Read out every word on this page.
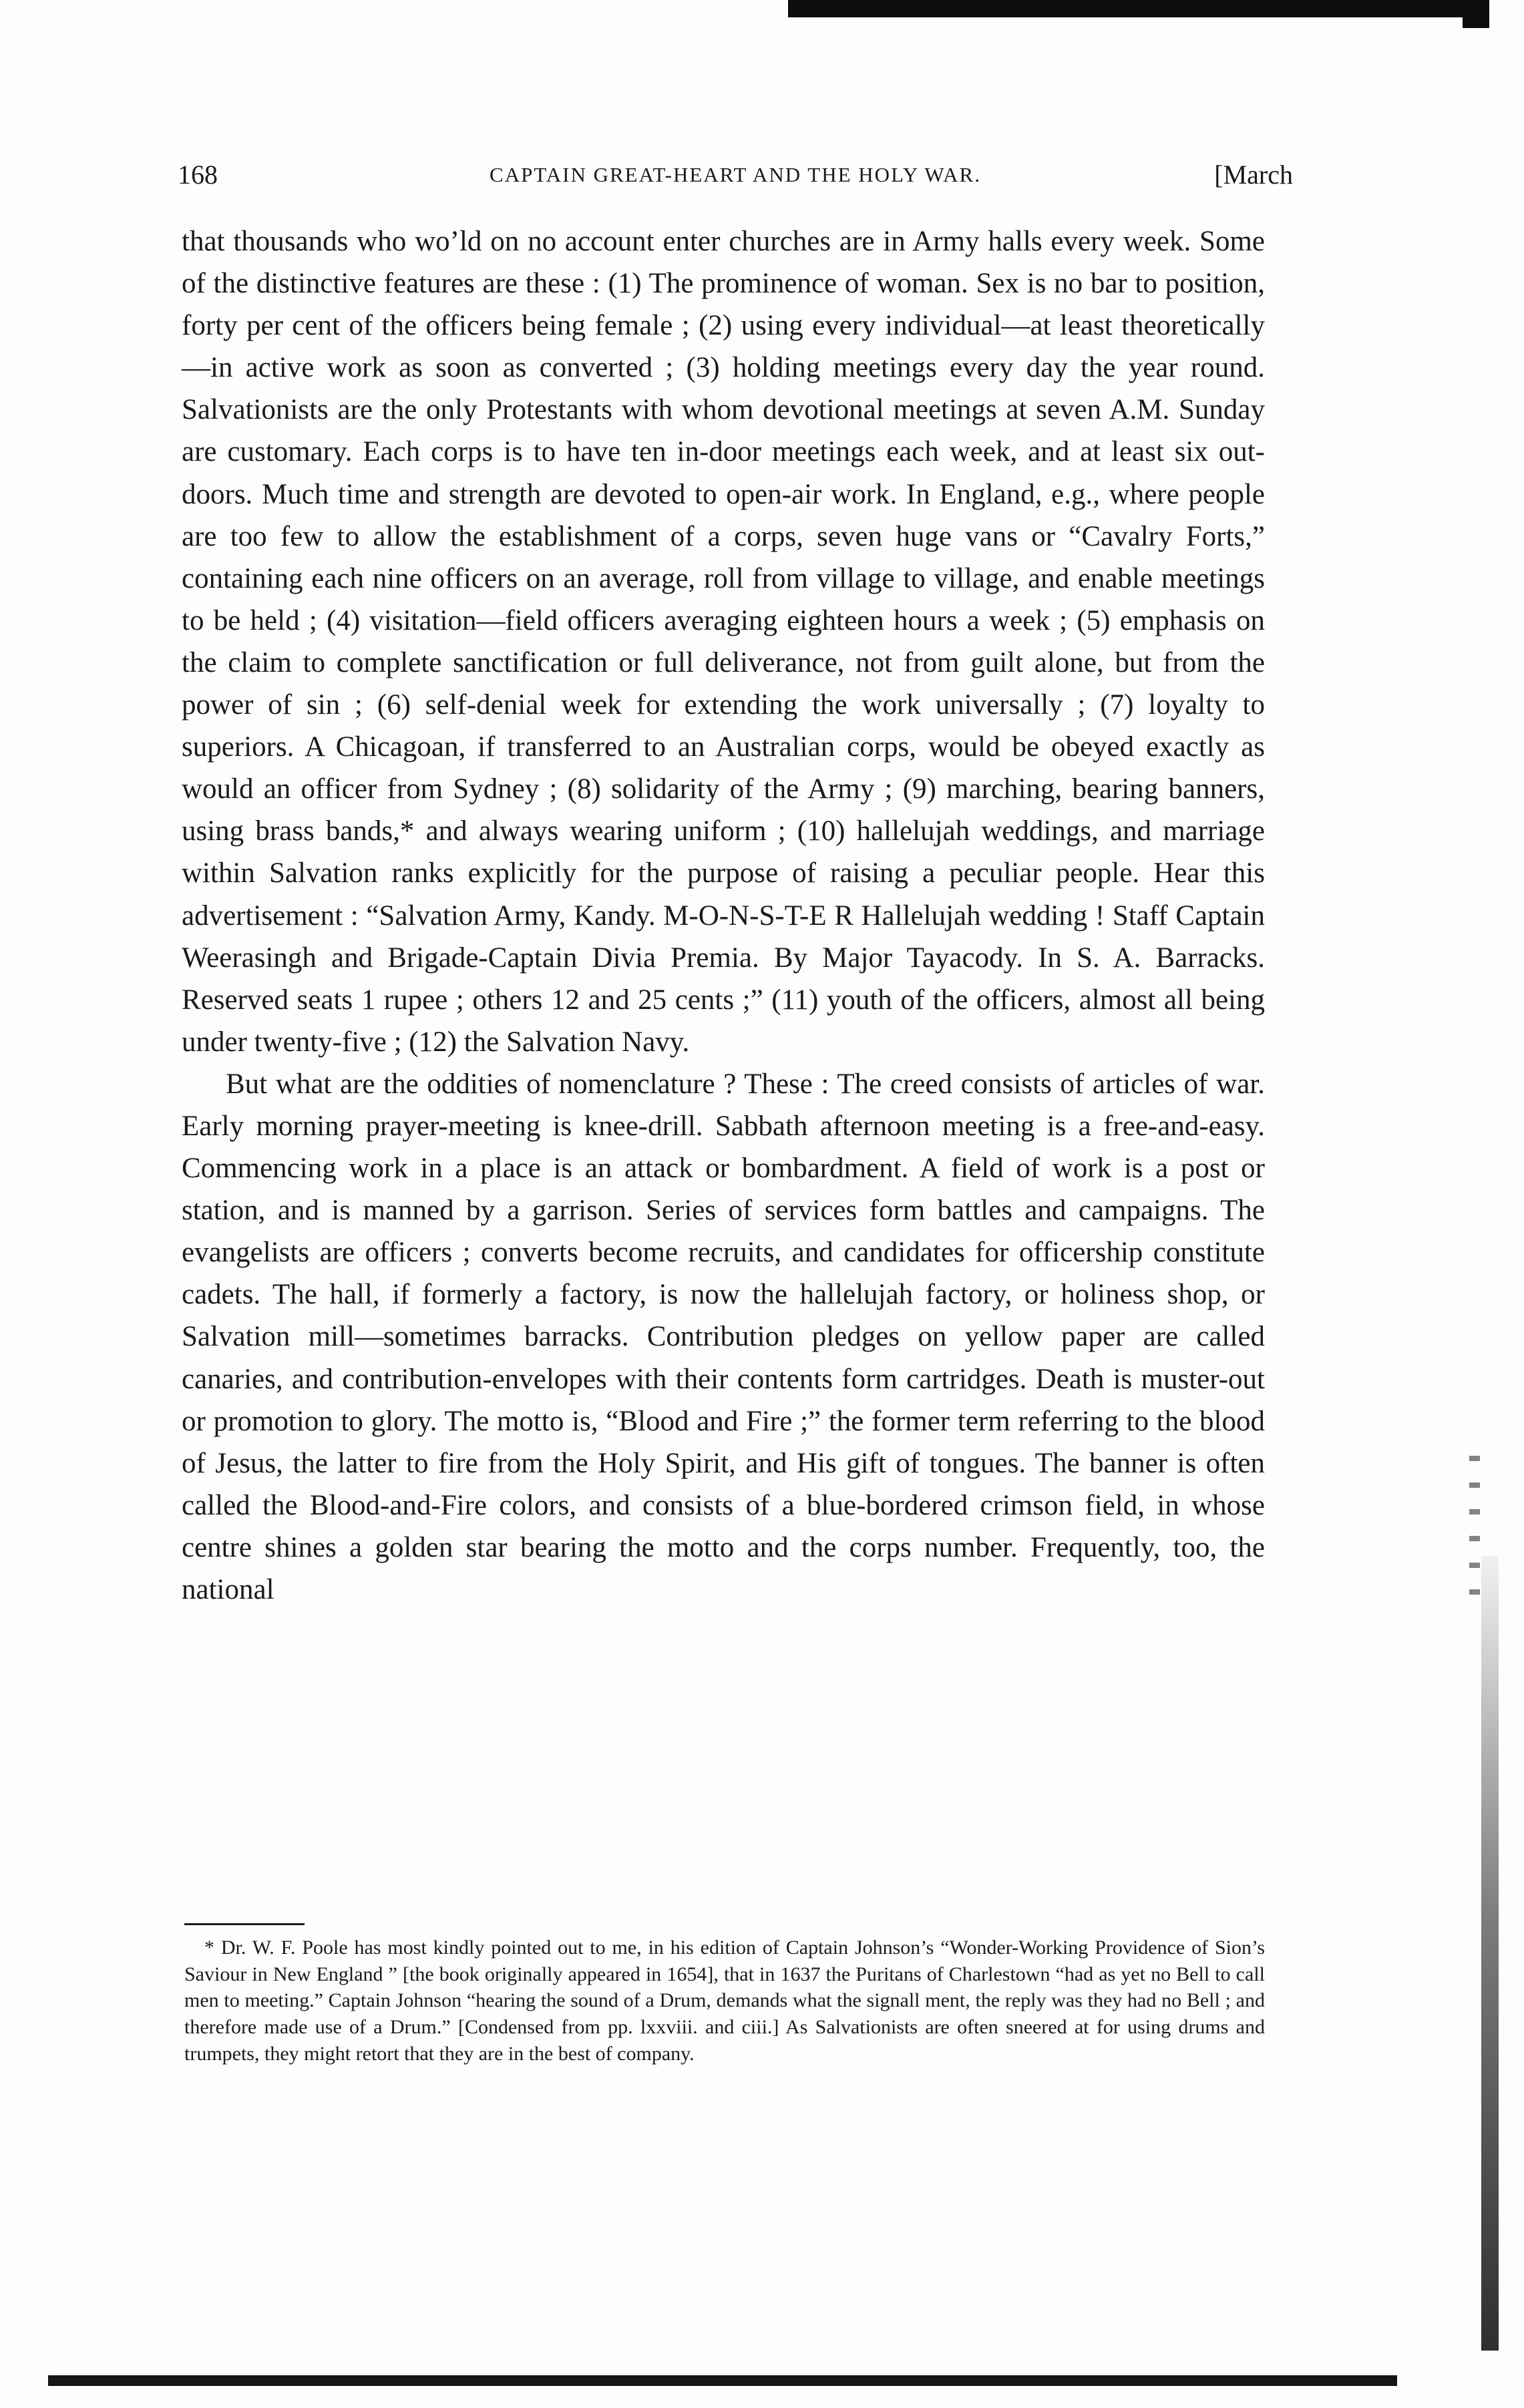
168	CAPTAIN GREAT-HEART AND THE HOLY WAR.	[March

that thousands who wo’ld on no account enter churches are in Army halls every week. Some of the distinctive features are these : (1) The prominence of woman. Sex is no bar to position, forty per cent of the officers being female ; (2) using every individual—at least theoretically—in active work as soon as converted ; (3) holding meetings every day the year round. Salvationists are the only Protestants with whom devotional meetings at seven A.M. Sunday are customary. Each corps is to have ten in-door meetings each week, and at least six out-doors. Much time and strength are devoted to open-air work. In England, e.g., where people are too few to allow the establishment of a corps, seven huge vans or “Cavalry Forts,” containing each nine officers on an average, roll from village to village, and enable meetings to be held ; (4) visitation—field officers averaging eighteen hours a week ; (5) emphasis on the claim to complete sanctification or full deliverance, not from guilt alone, but from the power of sin ; (6) self-denial week for extending the work universally ; (7) loyalty to superiors. A Chicagoan, if transferred to an Australian corps, would be obeyed exactly as would an officer from Sydney ; (8) solidarity of the Army ; (9) marching, bearing banners, using brass bands,* and always wearing uniform ; (10) hallelujah weddings, and marriage within Salvation ranks explicitly for the purpose of raising a peculiar people. Hear this advertisement : “Salvation Army, Kandy. M-O-N-S-T-E R Hallelujah wedding ! Staff Captain Weerasingh and Brigade-Captain Divia Premia. By Major Tayacody. In S. A. Barracks. Reserved seats 1 rupee ; others 12 and 25 cents ;” (11) youth of the officers, almost all being under twenty-five ; (12) the Salvation Navy.

But what are the oddities of nomenclature ? These : The creed consists of articles of war. Early morning prayer-meeting is knee-drill. Sabbath afternoon meeting is a free-and-easy. Commencing work in a place is an attack or bombardment. A field of work is a post or station, and is manned by a garrison. Series of services form battles and campaigns. The evangelists are officers ; converts become recruits, and candidates for officership constitute cadets. The hall, if formerly a factory, is now the hallelujah factory, or holiness shop, or Salvation mill—sometimes barracks. Contribution pledges on yellow paper are called canaries, and contribution-envelopes with their contents form cartridges. Death is muster-out or promotion to glory. The motto is, “Blood and Fire ;” the former term referring to the blood of Jesus, the latter to fire from the Holy Spirit, and His gift of tongues. The banner is often called the Blood-and-Fire colors, and consists of a blue-bordered crimson field, in whose centre shines a golden star bearing the motto and the corps number. Frequently, too, the national

* Dr. W. F. Poole has most kindly pointed out to me, in his edition of Captain Johnson’s “Wonder-Working Providence of Sion’s Saviour in New England ” [the book originally appeared in 1654], that in 1637 the Puritans of Charlestown “had as yet no Bell to call men to meeting.” Captain Johnson “hearing the sound of a Drum, demands what the signall ment, the reply was they had no Bell ; and therefore made use of a Drum.” [Condensed from pp. lxxviii. and ciii.] As Salvationists are often sneered at for using drums and trumpets, they might retort that they are in the best of company.
